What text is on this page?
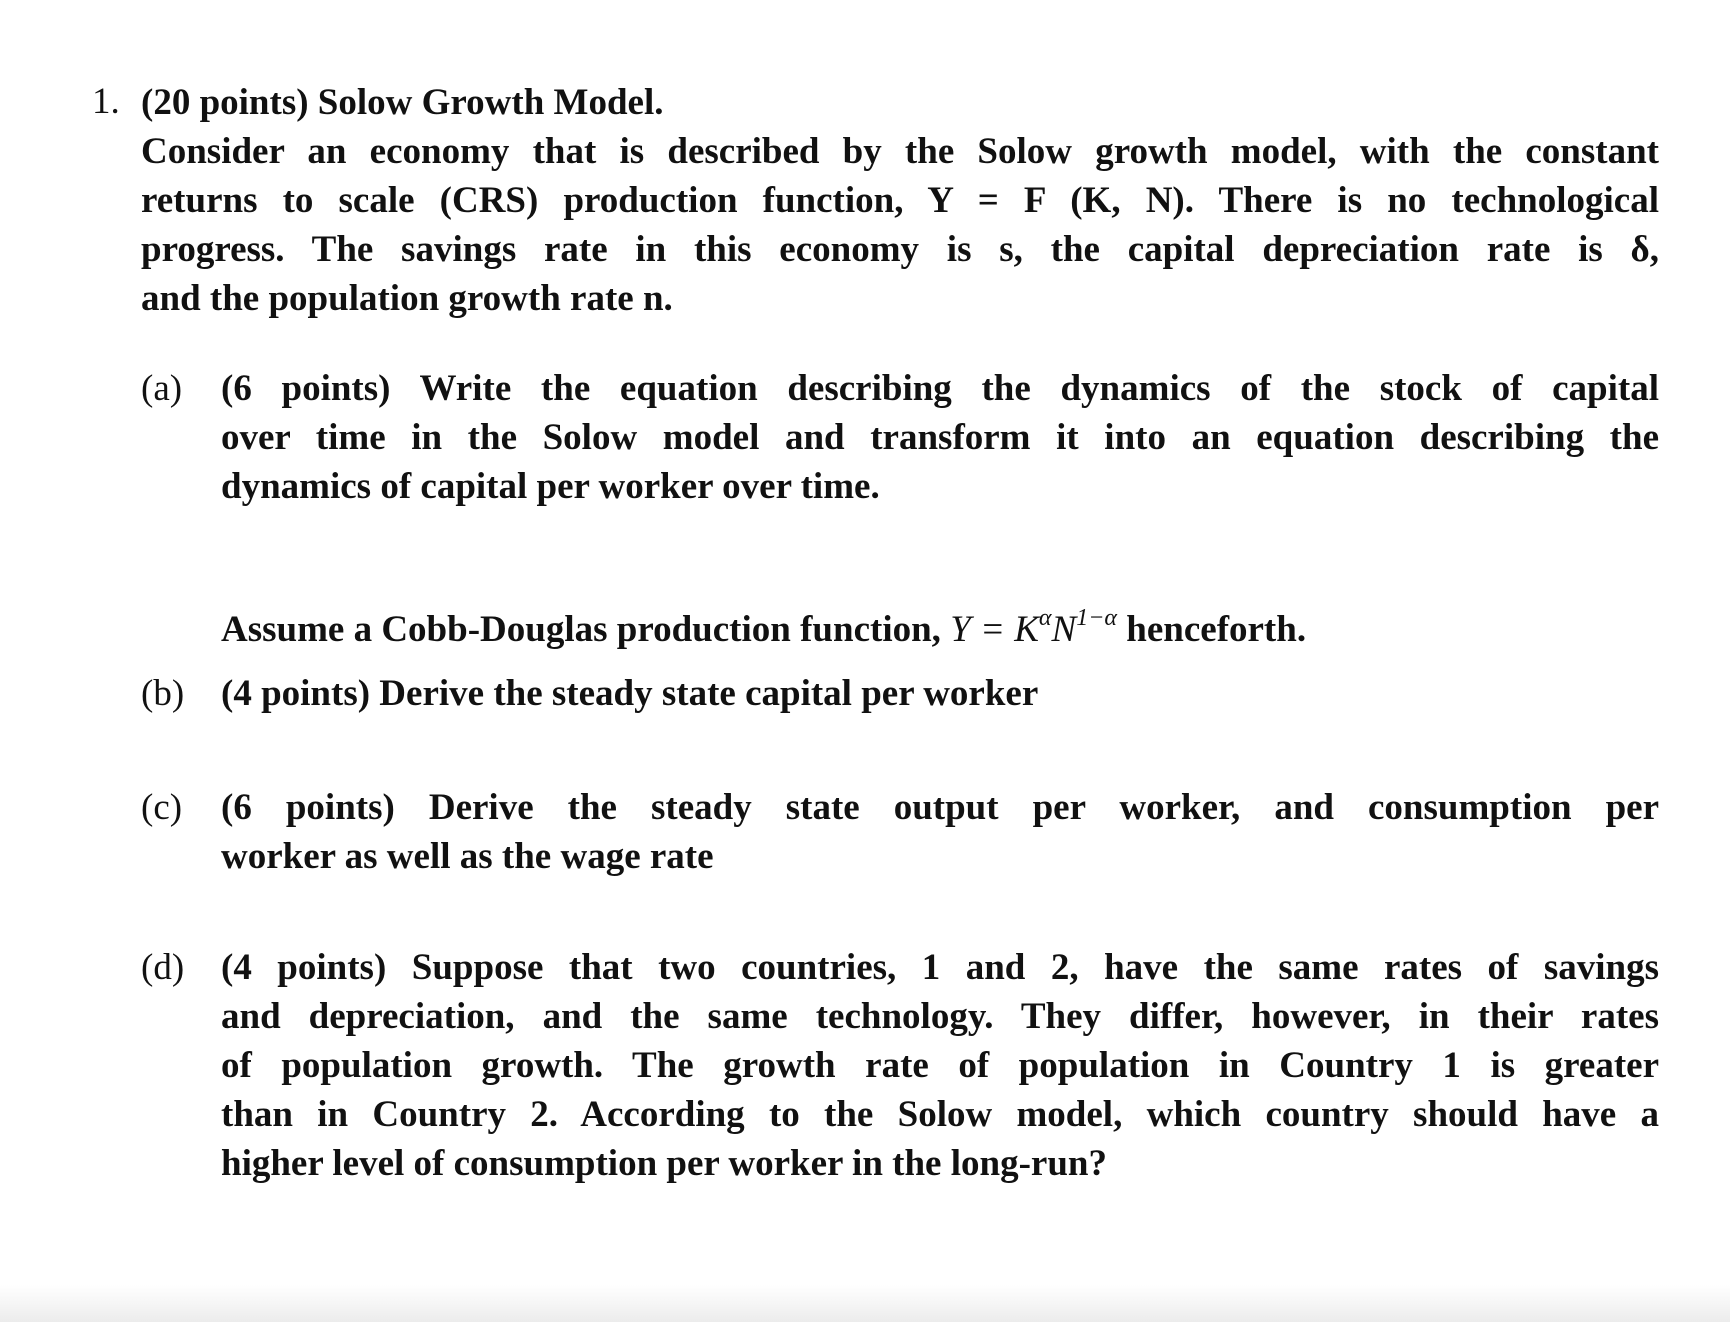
1. (20 points) Solow Growth Model.
Consider an economy that is described by the Solow growth model, with the constant
returns to scale (CRS) production function, Y = F (K, N). There is no technological
progress. The savings rate in this economy is s, the capital depreciation rate is δ,
and the population growth rate n.
(a) (6 points) Write the equation describing the dynamics of the stock of capital
over time in the Solow model and transform it into an equation describing the
dynamics of capital per worker over time.
Assume a Cobb-Douglas production function, $Y = K^\alpha N^{1-\alpha}$ henceforth.
(b) (4 points) Derive the steady state capital per worker
(c) (6 points) Derive the steady state output per worker, and consumption per
worker as well as the wage rate
(d) (4 points) Suppose that two countries, 1 and 2, have the same rates of savings
and depreciation, and the same technology. They differ, however, in their rates
of population growth. The growth rate of population in Country 1 is greater
than in Country 2. According to the Solow model, which country should have a
higher level of consumption per worker in the long-run?
